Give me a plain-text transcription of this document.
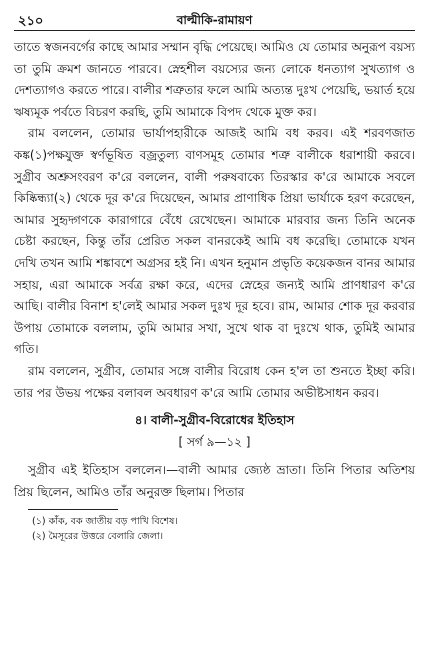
২১০	বাল্মীকি-রামায়ণ

তাতে স্বজনবর্গের কাছে আমার সম্মান বৃদ্ধি পেয়েছে। আমিও যে তোমার অনুরূপ বয়স্য তা তুমি ক্রমশ জানতে পারবে। স্নেহশীল বয়স্যের জন্য লোকে ধনত্যাগ সুখত্যাগ ও দেশত্যাগও করতে পারে। বালীর শত্রুতার ফলে আমি অত্যন্ত দুঃখ পেয়েছি, ভয়ার্ত হয়ে ঋষ্যমূক পর্বতে বিচরণ করছি, তুমি আমাকে বিপদ থেকে মুক্ত কর।

রাম বললেন, তোমার ভার্যাপহারীকে আজই আমি বধ করব। এই শরবণজাত কঙ্ক(১)পক্ষযুক্ত স্বর্ণভূষিত বজ্রতুল্য বাণসমূহ তোমার শত্রু বালীকে ধরাশায়ী করবে। সুগ্রীব অশ্রুসংবরণ ক'রে বললেন, বালী পরুষবাক্যে তিরস্কার ক'রে আমাকে সবলে কিষ্কিন্ধ্যা(২) থেকে দূর ক'রে দিয়েছেন, আমার প্রাণাধিক প্রিয়া ভার্যাকে হরণ করেছেন, আমার সুহৃদ্গণকে কারাগারে বেঁধে রেখেছেন। আমাকে মারবার জন্য তিনি অনেক চেষ্টা করছেন, কিন্তু তাঁর প্রেরিত সকল বানরকেই আমি বধ করেছি। তোমাকে যখন দেখি তখন আমি শঙ্কাবশে অগ্রসর হই নি। এখন হনুমান প্রভৃতি কয়েকজন বানর আমার সহায়, এরা আমাকে সর্বত্র রক্ষা করে, এদের স্নেহের জন্যই আমি প্রাণধারণ ক'রে আছি। বালীর বিনাশ হ'লেই আমার সকল দুঃখ দূর হবে। রাম, আমার শোক দূর করবার উপায় তোমাকে বললাম, তুমি আমার সখা, সুখে থাক বা দুঃখে থাক, তুমিই আমার গতি।

রাম বললেন, সুগ্রীব, তোমার সঙ্গে বালীর বিরোধ কেন হ'ল তা শুনতে ইচ্ছা করি। তার পর উভয় পক্ষের বলাবল অবধারণ ক'রে আমি তোমার অভীষ্টসাধন করব।

৪। বালী-সুগ্রীব-বিরোধের ইতিহাস
[ সর্গ ৯—১২ ]

সুগ্রীব এই ইতিহাস বললেন।—বালী আমার জ্যেষ্ঠ ভ্রাতা। তিনি পিতার অতিশয় প্রিয় ছিলেন, আমিও তাঁর অনুরক্ত ছিলাম। পিতার

(১) কাঁক, বক জাতীয় বড় পাখি বিশেষ।

(২) মৈসূরের উত্তরে বেলারি জেলা।
